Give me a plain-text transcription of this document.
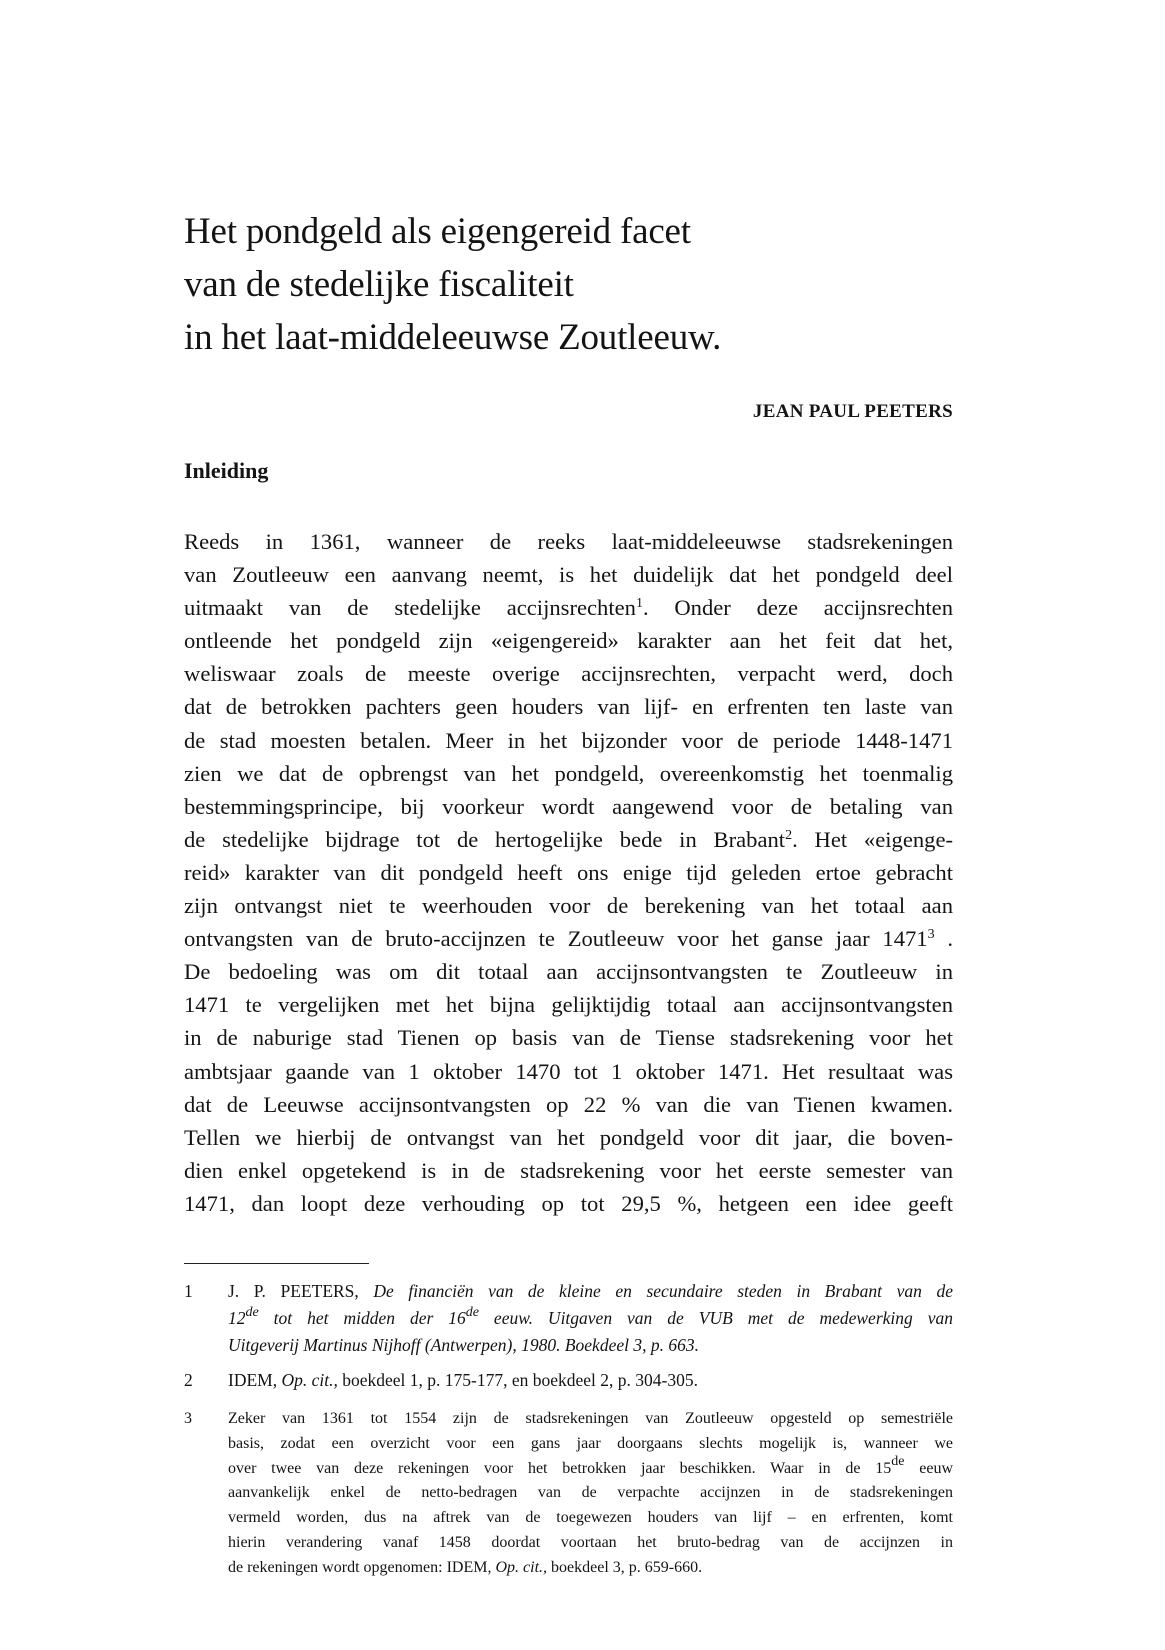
Het pondgeld als eigengereid facet
van de stedelijke fiscaliteit
in het laat-middeleeuwse Zoutleeuw.
JEAN PAUL PEETERS
Inleiding
Reeds in 1361, wanneer de reeks laat-middeleeuwse stadsrekeningen
van Zoutleeuw een aanvang neemt, is het duidelijk dat het pondgeld deel
uitmaakt van de stedelijke accijnsrechten$^1$. Onder deze accijnsrechten
ontleende het pondgeld zijn «eigengereid» karakter aan het feit dat het,
weliswaar zoals de meeste overige accijnsrechten, verpacht werd, doch
dat de betrokken pachters geen houders van lijf- en erfrenten ten laste van
de stad moesten betalen. Meer in het bijzonder voor de periode 1448-1471
zien we dat de opbrengst van het pondgeld, overeenkomstig het toenmalig
bestemmingsprincipe, bij voorkeur wordt aangewend voor de betaling van
de stedelijke bijdrage tot de hertogelijke bede in Brabant$^2$. Het «eigenge-
reid» karakter van dit pondgeld heeft ons enige tijd geleden ertoe gebracht
zijn ontvangst niet te weerhouden voor de berekening van het totaal aan
ontvangsten van de bruto-accijnzen te Zoutleeuw voor het ganse jaar 1471$^3$ .
De bedoeling was om dit totaal aan accijnsontvangsten te Zoutleeuw in
1471 te vergelijken met het bijna gelijktijdig totaal aan accijnsontvangsten
in de naburige stad Tienen op basis van de Tiense stadsrekening voor het
ambtsjaar gaande van 1 oktober 1470 tot 1 oktober 1471. Het resultaat was
dat de Leeuwse accijnsontvangsten op 22 % van die van Tienen kwamen.
Tellen we hierbij de ontvangst van het pondgeld voor dit jaar, die boven-
dien enkel opgetekend is in de stadsrekening voor het eerste semester van
1471, dan loopt deze verhouding op tot 29,5 %, hetgeen een idee geeft
1 J. P. PEETERS, De financiën van de kleine en secundaire steden in Brabant van de
12de tot het midden der 16de eeuw. Uitgaven van de VUB met de medewerking van
Uitgeverij Martinus Nijhoff (Antwerpen), 1980. Boekdeel 3, p. 663.
2 IDEM, Op. cit., boekdeel 1, p. 175-177, en boekdeel 2, p. 304-305.
3 Zeker van 1361 tot 1554 zijn de stadsrekeningen van Zoutleeuw opgesteld op semestriële
basis, zodat een overzicht voor een gans jaar doorgaans slechts mogelijk is, wanneer we
over twee van deze rekeningen voor het betrokken jaar beschikken. Waar in de 15de eeuw
aanvankelijk enkel de netto-bedragen van de verpachte accijnzen in de stadsrekeningen
vermeld worden, dus na aftrek van de toegewezen houders van lijf – en erfrenten, komt
hierin verandering vanaf 1458 doordat voortaan het bruto-bedrag van de accijnzen in
de rekeningen wordt opgenomen: IDEM, Op. cit., boekdeel 3, p. 659-660.
